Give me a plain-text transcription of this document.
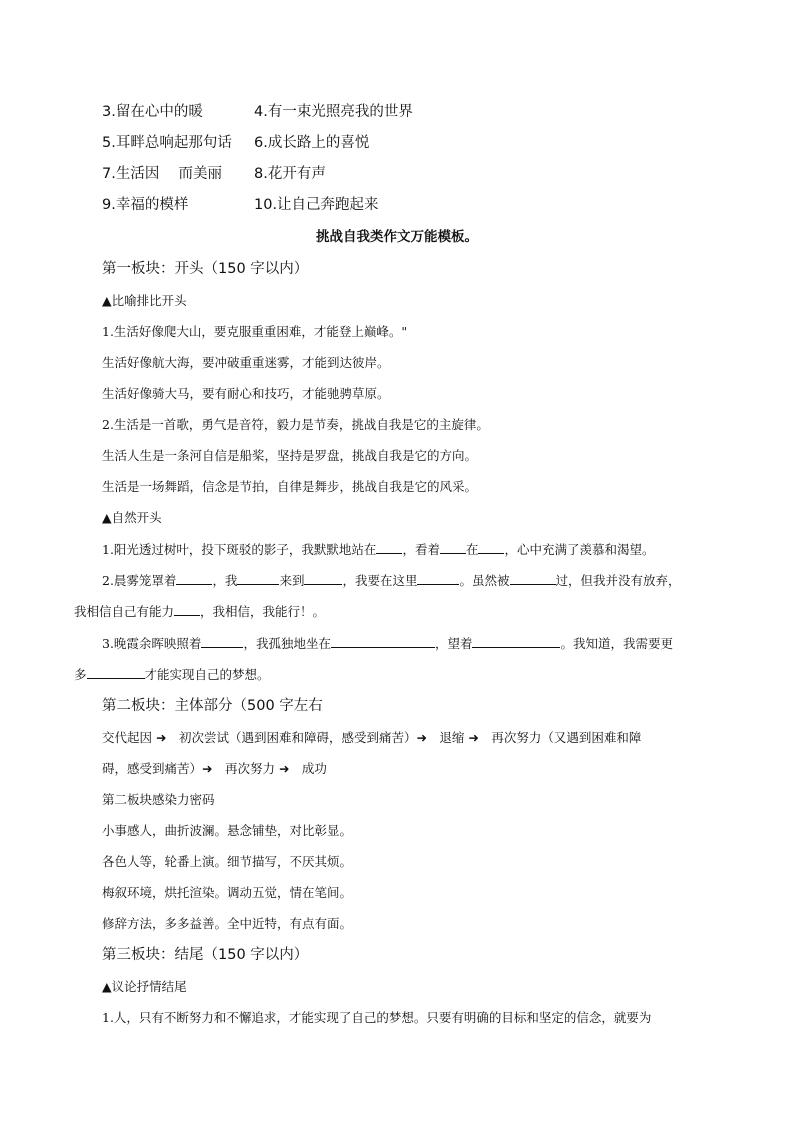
3.留在心中的暖	4.有一束光照亮我的世界
5.耳畔总响起那句话 6.成长路上的喜悦
7.生活因　 而美丽 8.花开有声
9.幸福的模样	10.让自己奔跑起来
挑战自我类作文万能模板。
第一板块：开头（150 字以内）
▲比喻排比开头
1.生活好像爬大山，要克服重重困难，才能登上巅峰。"
生活好像航大海，要冲破重重迷雾，才能到达彼岸。
生活好像骑大马，要有耐心和技巧，才能驰骋草原。
2.生活是一首歌，勇气是音符，毅力是节奏，挑战自我是它的主旋律。
生活人生是一条河自信是船桨，坚持是罗盘，挑战自我是它的方向。
生活是一场舞蹈，信念是节拍，自律是舞步，挑战自我是它的风采。
▲自然开头
1.阳光透过树叶，投下斑驳的影子，我默默地站在 ，看着 在 ，心中充满了羡慕和渴望。
2.晨雾笼罩着	，我	来到	，我要在这里	。虽然被	过，但我并没有放弃，
我相信自己有能力 ，我相信，我能行！。
3.晚霞余晖映照着	，我孤独地坐在	，望着	。我知道，我需要更
多	才能实现自己的梦想。
第二板块：主体部分（500 字左右
交代起因 ➜　初次尝试（遇到困难和障碍，感受到痛苦）➜　退缩 ➜　再次努力（又遇到困难和障
碍，感受到痛苦）➜　再次努力 ➜　成功
第二板块感染力密码
小事感人，曲折波澜。悬念铺垫，对比彰显。
各色人等，轮番上演。细节描写，不厌其烦。
梅叙环境，烘托渲染。调动五觉，情在笔间。
修辞方法，多多益善。全中近特，有点有面。
第三板块：结尾（150 字以内）
▲议论抒情结尾
1.人，只有不断努力和不懈追求，才能实现了自己的梦想。只要有明确的目标和坚定的信念，就要为
